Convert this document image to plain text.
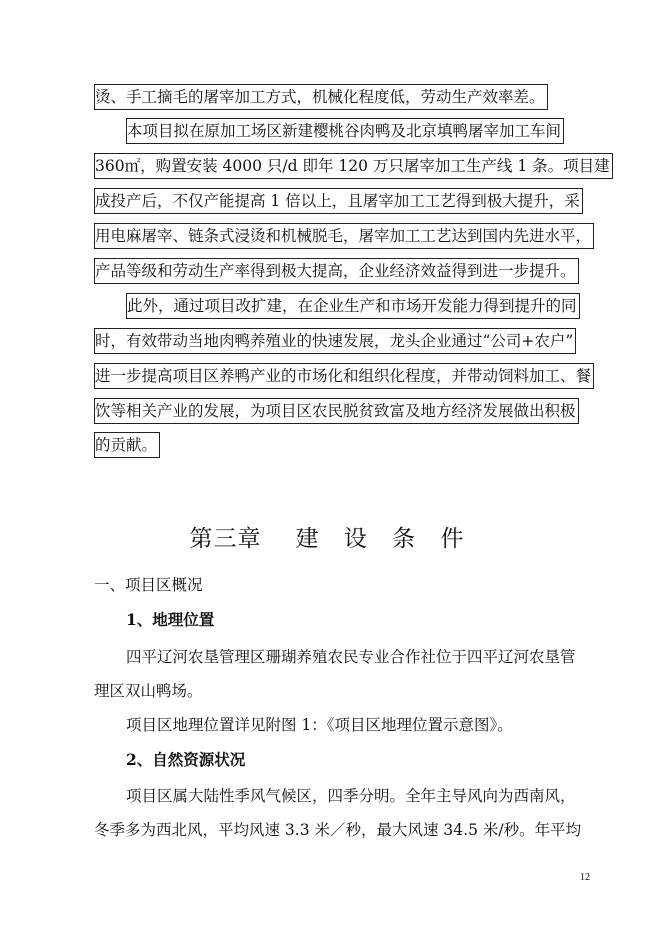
烫、手工摘毛的屠宰加工方式，机械化程度低，劳动生产效率差。
本项目拟在原加工场区新建樱桃谷肉鸭及北京填鸭屠宰加工车间
360㎡，购置安装 4000 只/d 即年 120 万只屠宰加工生产线 1 条。项目建
成投产后，不仅产能提高 1 倍以上，且屠宰加工工艺得到极大提升，采
用电麻屠宰、链条式浸烫和机械脱毛，屠宰加工工艺达到国内先进水平，
产品等级和劳动生产率得到极大提高，企业经济效益得到进一步提升。
此外，通过项目改扩建，在企业生产和市场开发能力得到提升的同
时，有效带动当地肉鸭养殖业的快速发展，龙头企业通过“公司+农户”
进一步提高项目区养鸭产业的市场化和组织化程度，并带动饲料加工、餐
饮等相关产业的发展，为项目区农民脱贫致富及地方经济发展做出积极
的贡献。
第三章 建 设 条 件
一、项目区概况
1、地理位置
四平辽河农垦管理区珊瑚养殖农民专业合作社位于四平辽河农垦管
理区双山鸭场。
项目区地理位置详见附图 1：《项目区地理位置示意图》。
2、自然资源状况
项目区属大陆性季风气候区，四季分明。全年主导风向为西南风，
冬季多为西北风，平均风速 3.3 米／秒，最大风速 34.5 米/秒。年平均
12
